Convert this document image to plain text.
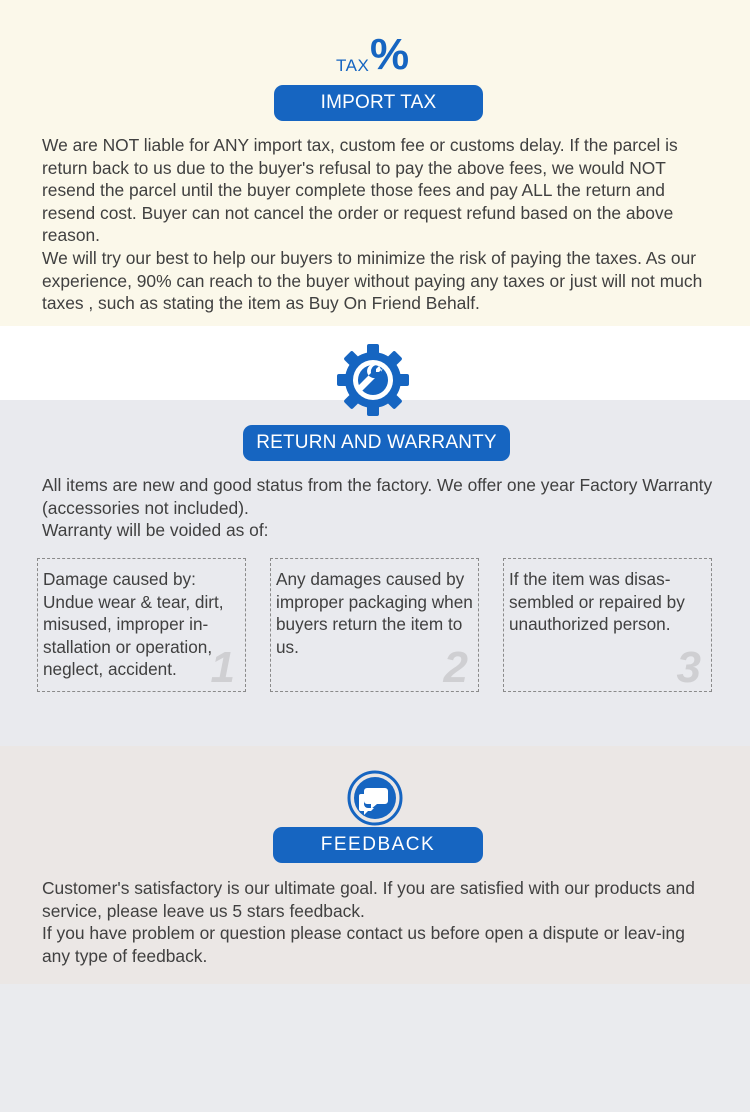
TAX %
IMPORT TAX

We are NOT liable for ANY import tax, custom fee or customs delay. If the parcel is return back to us due to the buyer's refusal to pay the above fees, we would NOT resend the parcel until the buyer complete those fees and pay ALL the return and resend cost. Buyer can not cancel the order or request refund based on the above reason.

We will try our best to help our buyers to minimize the risk of paying the taxes. As our experience, 90% can reach to the buyer without paying any taxes or just will not much taxes , such as stating the item as Buy On Friend Behalf.

RETURN AND WARRANTY

All items are new and good status from the factory. We offer one year Factory Warranty (accessories not included).

Warranty will be voided as of:

Damage caused by: Undue wear & tear, dirt, misused, improper in-stallation or operation, neglect, accident. 1
Any damages caused by improper packaging when buyers return the item to us.	2
If the item was disas-sembled or repaired by unauthorized person.
3
FEEDBACK

Customer's satisfactory is our ultimate goal. If you are satisfied with our products and service, please leave us 5 stars feedback.

If you have problem or question please contact us before open a dispute or leav-ing any type of feedback.
